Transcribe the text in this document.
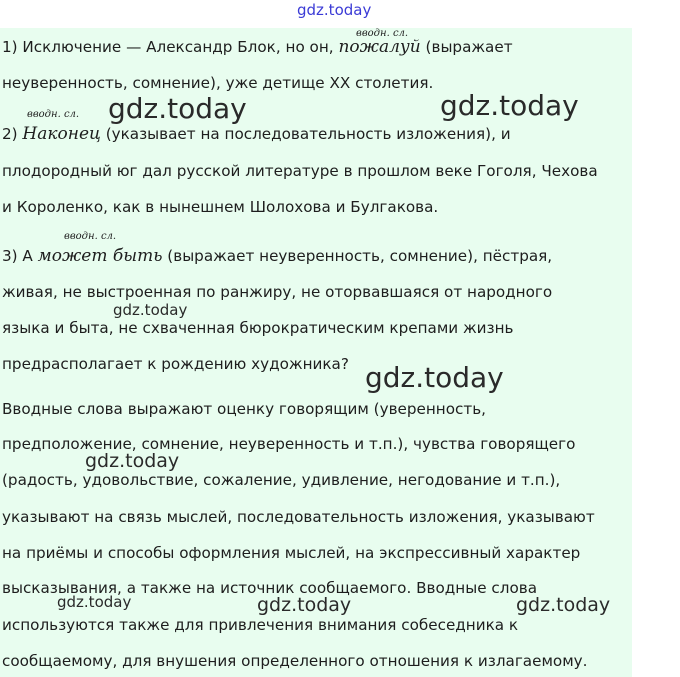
вводн. сл.
1) Исключение — Александр Блок, но он, пожалуй (выражает
неуверенность, сомнение), уже детище XX столетия.
вводн. сл.
2) Наконец (указывает на последовательность изложения), и
плодородный юг дал русской литературе в прошлом веке Гоголя, Чехова
и Короленко, как в нынешнем Шолохова и Булгакова.
вводн. сл.
3) А может быть (выражает неуверенность, сомнение), пёстрая,
живая, не выстроенная по ранжиру, не оторвавшаяся от народного
языка и быта, не схваченная бюрократическим крепами жизнь
предрасполагает к рождению художника?
Вводные слова выражают оценку говорящим (уверенность,
предположение, сомнение, неуверенность и т.п.), чувства говорящего
(радость, удовольствие, сожаление, удивление, негодование и т.п.),
указывают на связь мыслей, последовательность изложения, указывают
на приёмы и способы оформления мыслей, на экспрессивный характер
высказывания, а также на источник сообщаемого. Вводные слова
используются также для привлечения внимания собеседника к
сообщаемому, для внушения определенного отношения к излагаемому.
gdz.today
gdz.today	gdz.today
gdz.today
gdz.today
gdz.today
gdz.today	gdz.today	gdz.today
